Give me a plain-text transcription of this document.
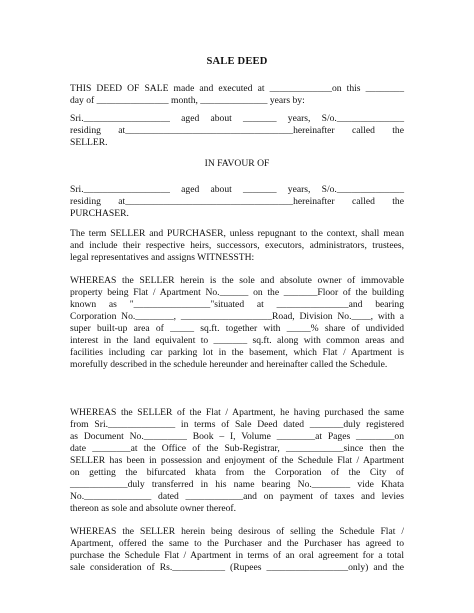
SALE DEED
THIS DEED OF SALE made and executed at _____________on this ________
day of _______________ month, ______________ years by:
Sri.__________________ aged about _______ years, S/o.______________
residing at___________________________________hereinafter called the
SELLER.
IN FAVOUR OF
Sri.__________________ aged about _______ years, S/o.______________
residing at___________________________________hereinafter called the
PURCHASER.
The term SELLER and PURCHASER, unless repugnant to the context, shall mean
and include their respective heirs, successors, executors, administrators, trustees,
legal representatives and assigns WITNESSTH:
WHEREAS the SELLER herein is the sole and absolute owner of immovable
property being Flat / Apartment No.______ on the _______Floor of the building
known as "________________"situated at _______________and bearing
Corporation No.________, ___________________Road, Division No.____, with a
super built-up area of _____ sq.ft. together with _____% share of undivided
interest in the land equivalent to _______ sq.ft. along with common areas and
facilities including car parking lot in the basement, which Flat / Apartment is
morefully described in the schedule hereunder and hereinafter called the Schedule.
WHEREAS the SELLER of the Flat / Apartment, he having purchased the same
from Sri.______________ in terms of Sale Deed dated _______duly registered
as Document No._________ Book – I, Volume ________at Pages ________on
date ________at the Office of the Sub-Registrar, ____________since then the
SELLER has been in possession and enjoyment of the Schedule Flat / Apartment
on getting the bifurcated khata from the Corporation of the City of
____________duly transferred in his name bearing No.________ vide Khata
No.______________ dated ____________and on payment of taxes and levies
thereon as sole and absolute owner thereof.
WHEREAS the SELLER herein being desirous of selling the Schedule Flat /
Apartment, offered the same to the Purchaser and the Purchaser has agreed to
purchase the Schedule Flat / Apartment in terms of an oral agreement for a total
sale consideration of Rs.___________ (Rupees _________________only) and the
